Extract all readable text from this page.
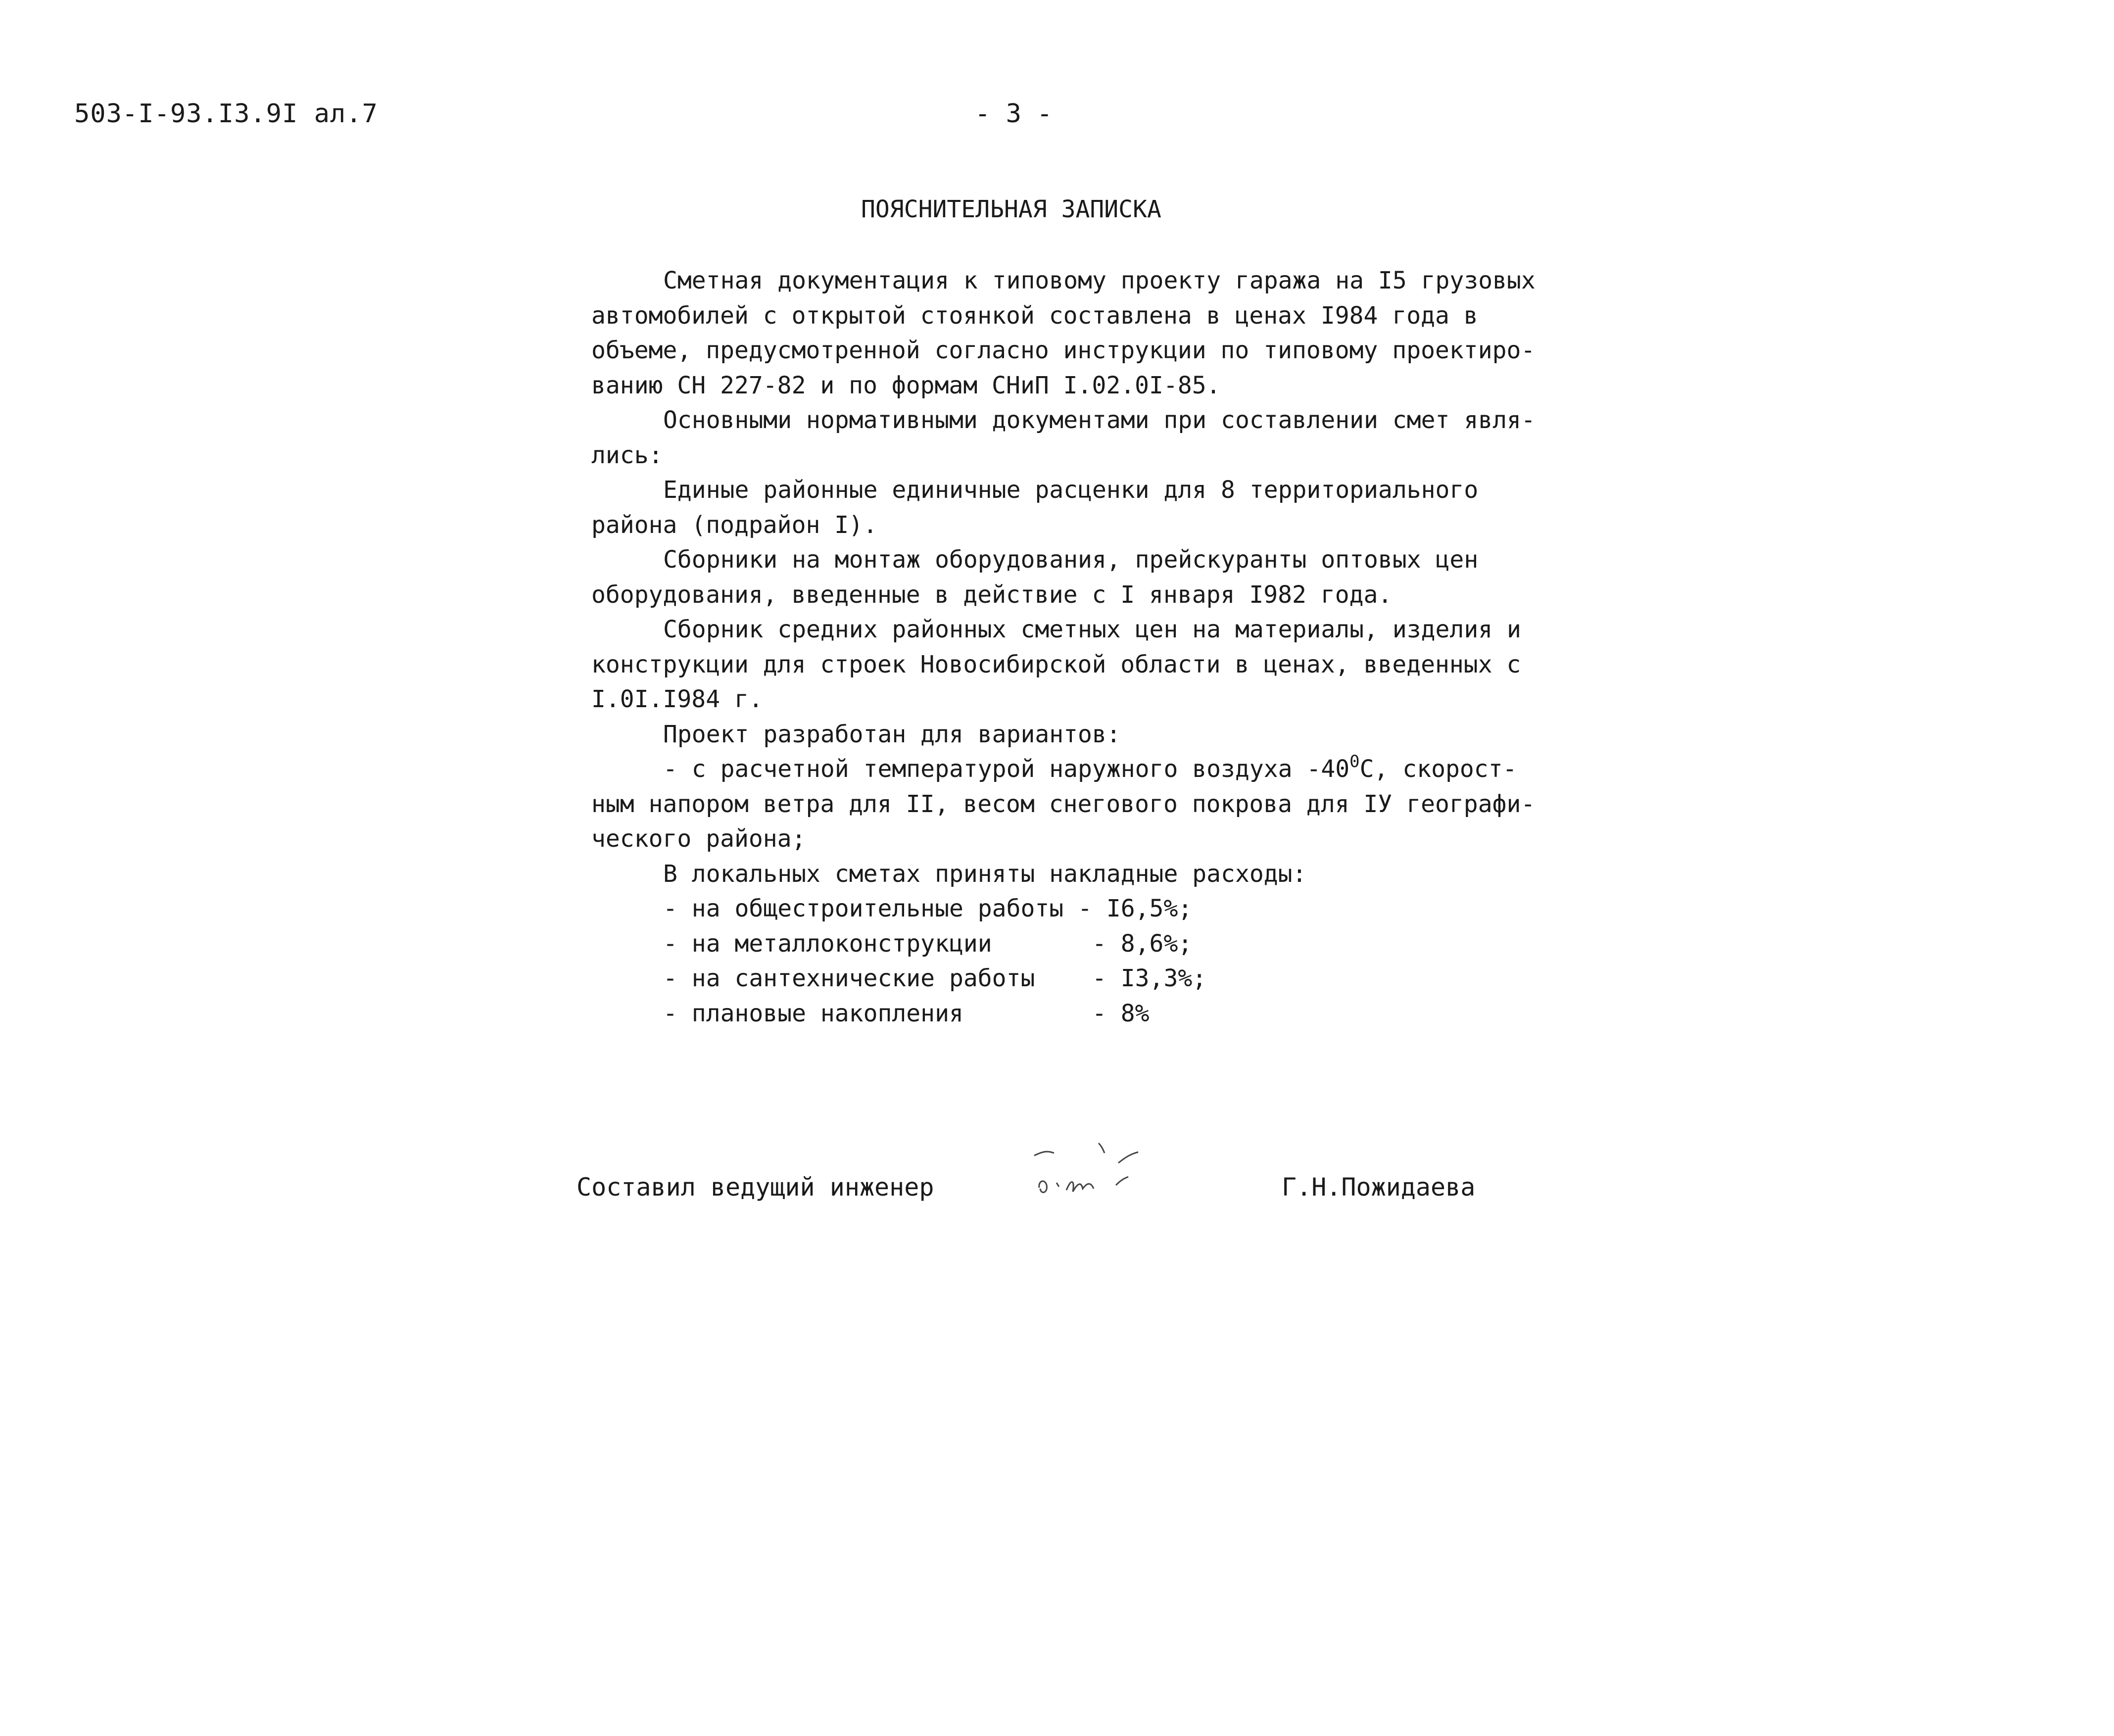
503-I-93.I3.9I ал.7	- 3 -
ПОЯСНИТЕЛЬНАЯ ЗАПИСКА
Сметная документация к типовому проекту гаража на I5 грузовых
автомобилей с открытой стоянкой составлена в ценах I984 года в
объеме, предусмотренной согласно инструкции по типовому проектиро-
ванию СН 227-82 и по формам СНиП I.02.0I-85.
Основными нормативными документами при составлении смет явля-
лись:
Единые районные единичные расценки для 8 территориального
района (подрайон I).
Сборники на монтаж оборудования, прейскуранты оптовых цен
оборудования, введенные в действие с I января I982 года.
Сборник средних районных сметных цен на материалы, изделия и
конструкции для строек Новосибирской области в ценах, введенных с
I.0I.I984 г.
Проект разработан для вариантов:
- с расчетной температурой наружного воздуха $-40^0С$, скорост-
ным напором ветра для II, весом снегового покрова для IУ географи-
ческого района;
В локальных сметах приняты накладные расходы:
- на общестроительные работы - I6,5%;
- на металлоконструкции       - 8,6%;
- на сантехнические работы    - I3,3%;
- плановые накопления         - 8%
Составил ведущий инженер	Г.Н.Пожидаева
